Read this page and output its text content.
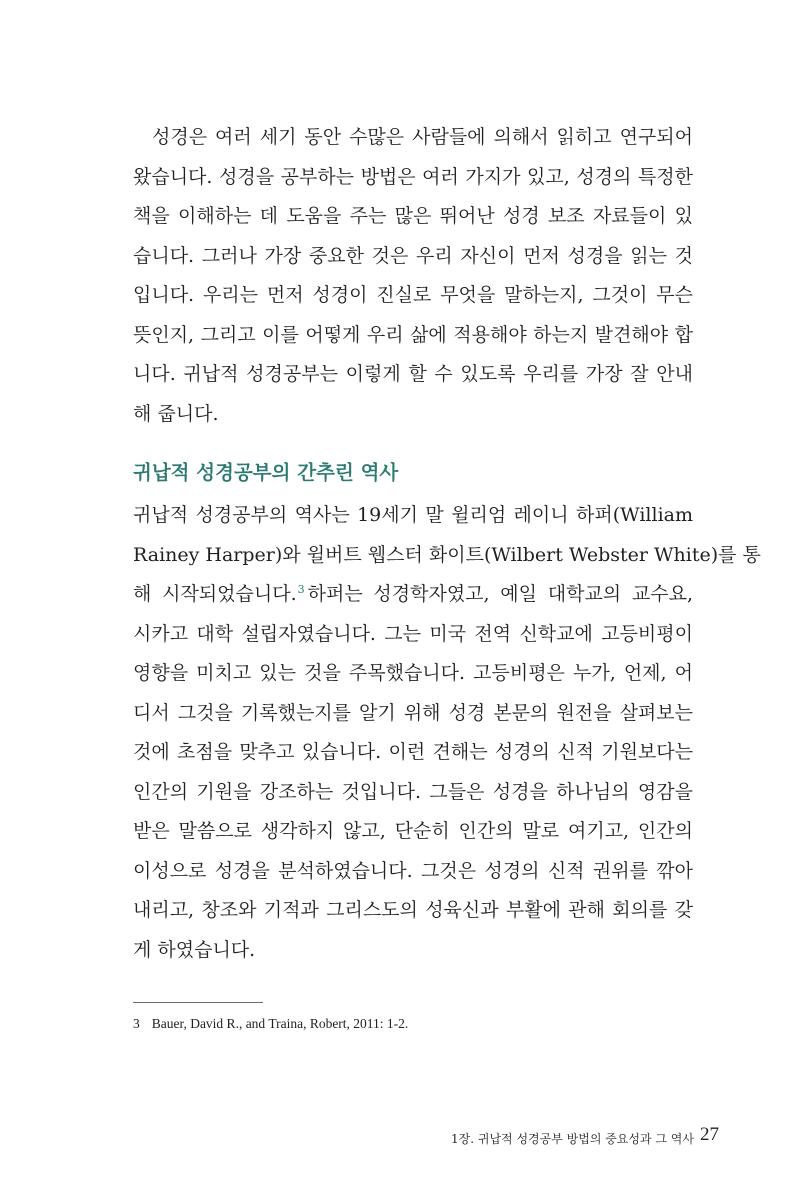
성경은 여러 세기 동안 수많은 사람들에 의해서 읽히고 연구되어
왔습니다. 성경을 공부하는 방법은 여러 가지가 있고, 성경의 특정한
책을 이해하는 데 도움을 주는 많은 뛰어난 성경 보조 자료들이 있
습니다. 그러나 가장 중요한 것은 우리 자신이 먼저 성경을 읽는 것
입니다. 우리는 먼저 성경이 진실로 무엇을 말하는지, 그것이 무슨
뜻인지, 그리고 이를 어떻게 우리 삶에 적용해야 하는지 발견해야 합
니다. 귀납적 성경공부는 이렇게 할 수 있도록 우리를 가장 잘 안내
해 줍니다.
귀납적 성경공부의 간추린 역사
귀납적 성경공부의 역사는 19세기 말 윌리엄 레이니 하퍼(William
Rainey Harper)와 윌버트 웹스터 화이트(Wilbert Webster White)를 통
해 시작되었습니다.$^3$ 하퍼는 성경학자였고, 예일 대학교의 교수요,
시카고 대학 설립자였습니다. 그는 미국 전역 신학교에 고등비평이
영향을 미치고 있는 것을 주목했습니다. 고등비평은 누가, 언제, 어
디서 그것을 기록했는지를 알기 위해 성경 본문의 원전을 살펴보는
것에 초점을 맞추고 있습니다. 이런 견해는 성경의 신적 기원보다는
인간의 기원을 강조하는 것입니다. 그들은 성경을 하나님의 영감을
받은 말씀으로 생각하지 않고, 단순히 인간의 말로 여기고, 인간의
이성으로 성경을 분석하였습니다. 그것은 성경의 신적 권위를 깎아
내리고, 창조와 기적과 그리스도의 성육신과 부활에 관해 회의를 갖
게 하였습니다.
3 Bauer, David R., and Traina, Robert, 2011: 1-2.
1장. 귀납적 성경공부 방법의 중요성과 그 역사 27
